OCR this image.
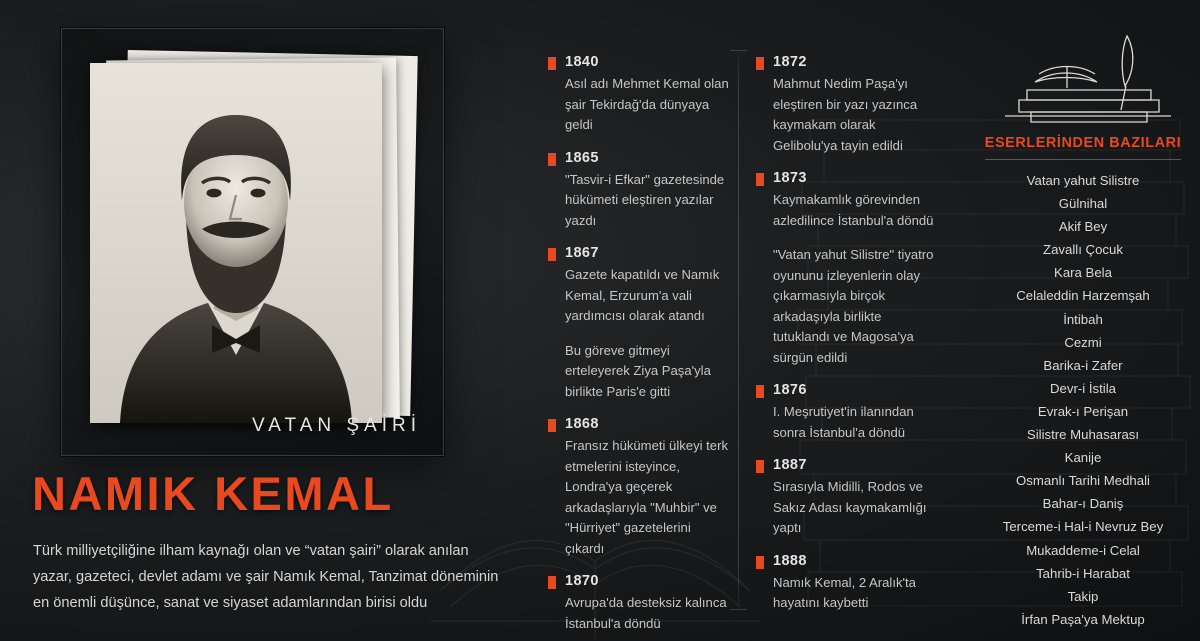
VATAN ŞAİRİ
NAMIK KEMAL
Türk milliyetçiliğine ilham kaynağı olan ve “vatan şairi” olarak anılan yazar, gazeteci, devlet adamı ve şair Namık Kemal, Tanzimat döneminin en önemli düşünce, sanat ve siyaset adamlarından birisi oldu
1840
Asıl adı Mehmet Kemal olan şair Tekirdağ'da dünyaya geldi
1865
"Tasvir-i Efkar" gazetesinde hükümeti eleştiren yazılar yazdı
1867
Gazete kapatıldı ve Namık Kemal, Erzurum'a vali yardımcısı olarak atandı
Bu göreve gitmeyi erteleyerek Ziya Paşa'yla birlikte Paris'e gitti
1868
Fransız hükümeti ülkeyi terk etmelerini isteyince, Londra'ya geçerek arkadaşlarıyla "Muhbir" ve "Hürriyet" gazetelerini çıkardı
1870
Avrupa'da desteksiz kalınca İstanbul'a döndü
1872
Mahmut Nedim Paşa'yı eleştiren bir yazı yazınca kaymakam olarak Gelibolu'ya tayin edildi
1873
Kaymakamlık görevinden azledilince İstanbul'a döndü
"Vatan yahut Silistre" tiyatro oyununu izleyenlerin olay çıkarmasıyla birçok arkadaşıyla birlikte tutuklandı ve Magosa'ya sürgün edildi
1876
I. Meşrutiyet'in ilanından sonra İstanbul'a döndü
1887
Sırasıyla Midilli, Rodos ve Sakız Adası kaymakamlığı yaptı
1888
Namık Kemal, 2 Aralık'ta hayatını kaybetti
ESERLERİNDEN BAZILARI
Vatan yahut Silistre
Gülnihal
Akif Bey
Zavallı Çocuk
Kara Bela
Celaleddin Harzemşah
İntibah
Cezmi
Barika-i Zafer
Devr-i İstila
Evrak-ı Perişan
Silistre Muhasarası
Kanije
Osmanlı Tarihi Medhali
Bahar-ı Daniş
Terceme-i Hal-i Nevruz Bey
Mukaddeme-i Celal
Tahrib-i Harabat
Takip
İrfan Paşa'ya Mektup
